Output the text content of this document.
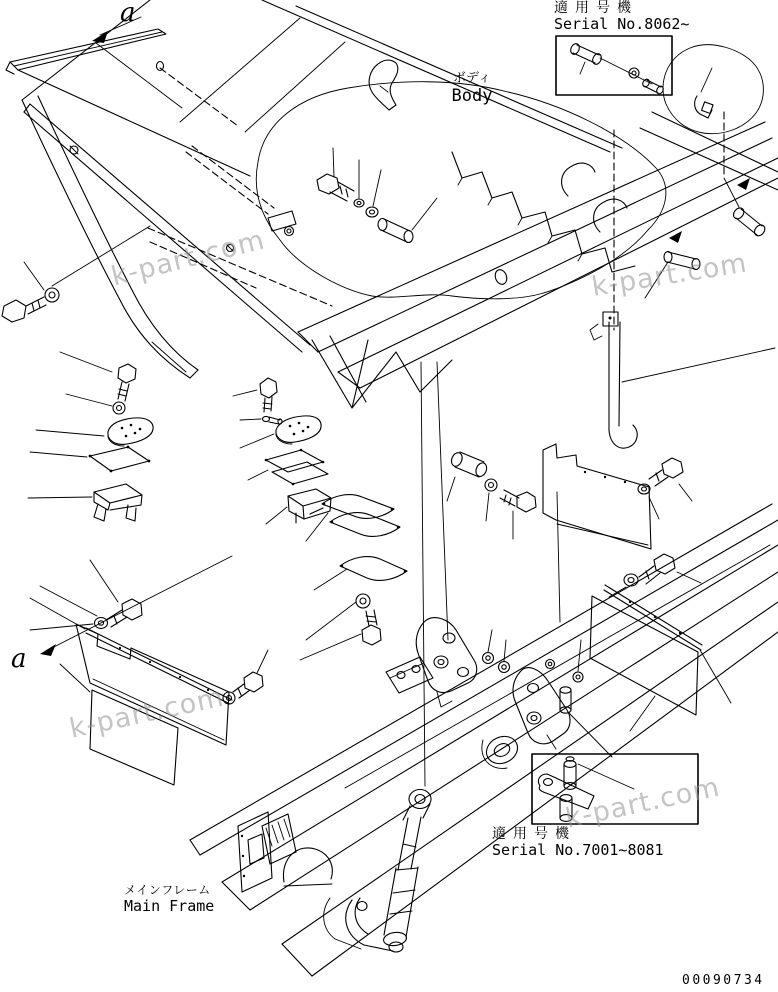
a
a
適用号機
Serial No.8062~
ボディ
Body
適用号機
Serial No.7001~8081
メインフレーム
Main Frame
00090734
k-part.com	k-part.com
k-part.com
k-part.com
